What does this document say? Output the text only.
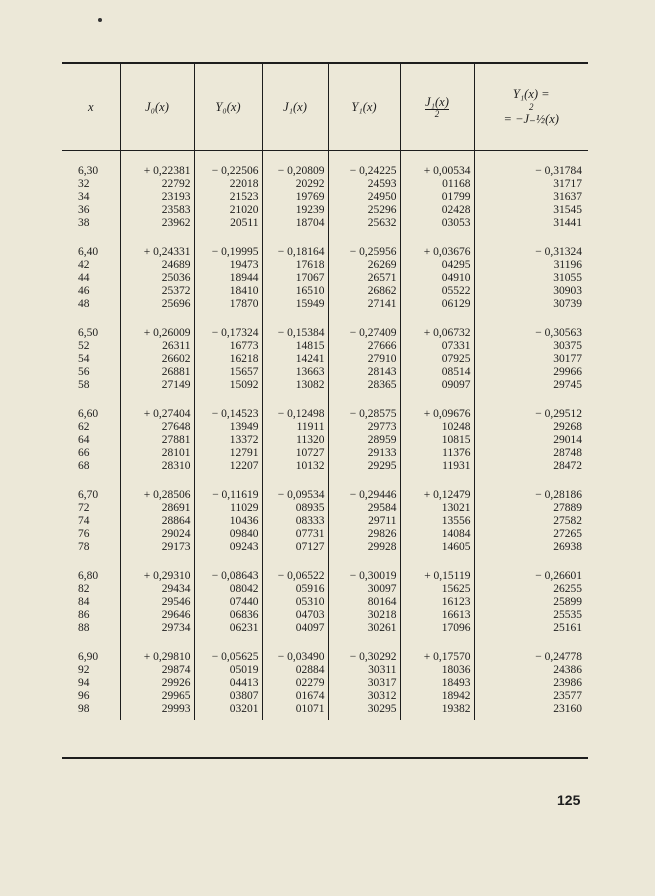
x	J₀(x)	Y₀(x)	J₁(x)	Y₁(x)	$\frac{\text{J₁(x)}}{2}$	Y₁(x) =
2
= −J₋½(x)

6,30	+ 0,22381	− 0,22506	− 0,20809	− 0,24225	+ 0,00534	− 0,31784
32	22792	22018	20292	24593	01168	31717
34	23193	21523	19769	24950	01799	31637
36	23583	21020	19239	25296	02428	31545
38	23962	20511	18704	25632	03053	31441

6,40	+ 0,24331	− 0,19995	− 0,18164	− 0,25956	+ 0,03676	− 0,31324
42	24689	19473	17618	26269	04295	31196
44	25036	18944	17067	26571	04910	31055
46	25372	18410	16510	26862	05522	30903
48	25696	17870	15949	27141	06129	30739

6,50	+ 0,26009	− 0,17324	− 0,15384	− 0,27409	+ 0,06732	− 0,30563
52	26311	16773	14815	27666	07331	30375
54	26602	16218	14241	27910	07925	30177
56	26881	15657	13663	28143	08514	29966
58	27149	15092	13082	28365	09097	29745

6,60	+ 0,27404	− 0,14523	− 0,12498	− 0,28575	+ 0,09676	− 0,29512
62	27648	13949	11911	29773	10248	29268
64	27881	13372	11320	28959	10815	29014
66	28101	12791	10727	29133	11376	28748
68	28310	12207	10132	29295	11931	28472

6,70	+ 0,28506	− 0,11619	− 0,09534	− 0,29446	+ 0,12479	− 0,28186
72	28691	11029	08935	29584	13021	27889
74	28864	10436	08333	29711	13556	27582
76	29024	09840	07731	29826	14084	27265
78	29173	09243	07127	29928	14605	26938

6,80	+ 0,29310	− 0,08643	− 0,06522	− 0,30019	+ 0,15119	− 0,26601
82	29434	08042	05916	30097	15625	26255
84	29546	07440	05310	80164	16123	25899
86	29646	06836	04703	30218	16613	25535
88	29734	06231	04097	30261	17096	25161

6,90	+ 0,29810	− 0,05625	− 0,03490	− 0,30292	+ 0,17570	− 0,24778
92	29874	05019	02884	30311	18036	24386
94	29926	04413	02279	30317	18493	23986
96	29965	03807	01674	30312	18942	23577
98	29993	03201	01071	30295	19382	23160

125
